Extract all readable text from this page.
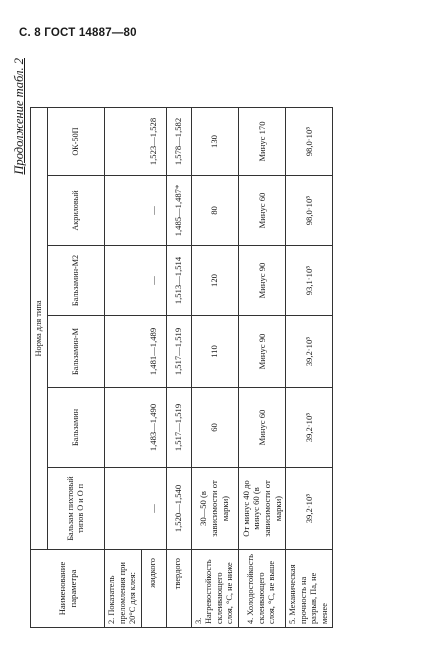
С. 8 ГОСТ 14887—80
Продолжение табл. 2
Наименование параметра	Норма для типа					
	Бальзам пихтовый типов О и О п	Бальзамин	Бальзамин-М	Бальзамин-М2	Акриловый	ОК-50П
2. Показатель преломления при 20°С для клея:						
жидкого	—	1,483—1,490	1,481—1,489	—	—	1,523—1,528
твердого	1,520—1,540	1,517—1,519	1,517—1,519	1,513—1,514	1,485—1,487*	1,578—1,582
3. Нагревостойкость склеивающего слоя, °С, не ниже	30—50 (в зависимости от марки)	60	110	120	80	130
4. Холодостойкость склеивающего слоя, °С, не выше	От минус 40 до минус 60 (в зависимости от марки)	Минус 60	Минус 90	Минус 90	Минус 60	Минус 170
5. Механическая прочность на разрыв, Па, не менее	39,2·10⁵	39,2·10⁵	39,2·10⁵	93,1·10⁵	98,0·10⁵	98,0·10⁵
